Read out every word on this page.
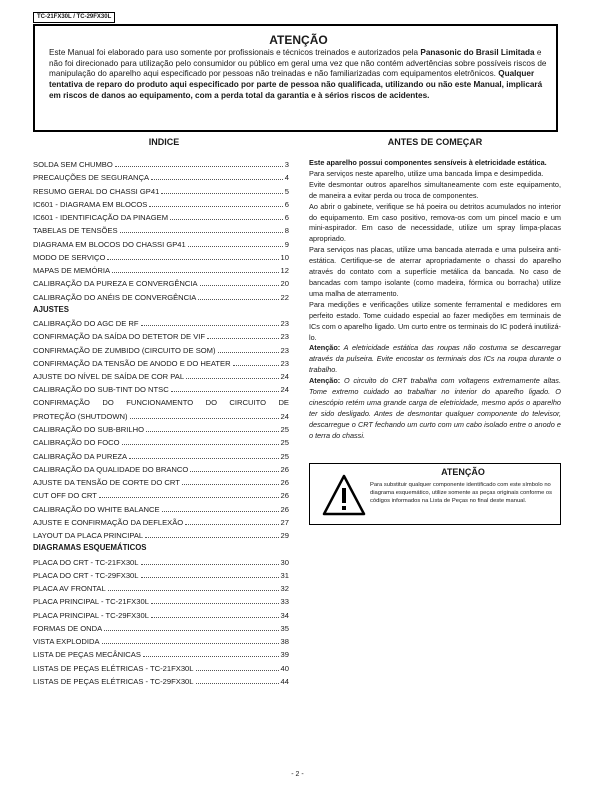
TC-21FX30L / TC-29FX30L
ATENÇÃO

Este Manual foi elaborado para uso somente por profissionais e técnicos treinados e autorizados pela Panasonic do Brasil Limitada e não foi direcionado para utilização pelo consumidor ou público em geral uma vez que não contém advertências sobre possíveis riscos de manipulação do aparelho aqui especificado por pessoas não treinadas e não familiarizadas com equipamentos eletrônicos. Qualquer tentativa de reparo do produto aqui especificado por parte de pessoa não qualificada, utilizando ou não este Manual, implicará em riscos de danos ao equipamento, com a perda total da garantia e à sérios riscos de acidentes.

INDICE
SOLDA SEM CHUMBO	3
PRECAUÇÕES DE SEGURANÇA	4
RESUMO GERAL DO CHASSI GP41	5
IC601 - DIAGRAMA EM BLOCOS	6
IC601 - IDENTIFICAÇÃO DA PINAGEM	6
TABELAS DE TENSÕES	8
DIAGRAMA EM BLOCOS DO CHASSI GP41	9
MODO DE SERVIÇO	10
MAPAS DE MEMÓRIA	12
CALIBRAÇÃO DA PUREZA E CONVERGÊNCIA	20
CALIBRAÇÃO DO ANÉIS DE CONVERGÊNCIA	22
AJUSTES
CALIBRAÇÃO DO AGC DE RF	23
CONFIRMAÇÃO DA SAÍDA DO DETETOR DE VIF	23
CONFIRMAÇÃO DE ZUMBIDO (CIRCUITO DE SOM)	23
CONFIRMAÇÃO DA TENSÃO DE ANODO E DO HEATER	23
AJUSTE DO NÍVEL DE SAÍDA DE COR PAL	24
CALIBRAÇÃO DO SUB-TINT DO NTSC	24
CONFIRMAÇÃO DO FUNCIONAMENTO DO CIRCUITO DE
PROTEÇÃO (SHUTDOWN)	24
CALIBRAÇÃO DO SUB-BRILHO	25
CALIBRAÇÃO DO FOCO	25
CALIBRAÇÃO DA PUREZA	25
CALIBRAÇÃO DA QUALIDADE DO BRANCO	26
AJUSTE DA TENSÃO DE CORTE DO CRT	26
CUT OFF DO CRT	26
CALIBRAÇÃO DO WHITE BALANCE	26
AJUSTE E CONFIRMAÇÃO DA DEFLEXÃO	27
LAYOUT DA PLACA PRINCIPAL	29
DIAGRAMAS ESQUEMÁTICOS
PLACA DO CRT - TC-21FX30L	30
PLACA DO CRT - TC-29FX30L	31
PLACA AV FRONTAL	32
PLACA PRINCIPAL - TC-21FX30L	33
PLACA PRINCIPAL - TC-29FX30L	34
FORMAS DE ONDA	35
VISTA EXPLODIDA	38
LISTA DE PEÇAS MECÂNICAS	39
LISTAS DE PEÇAS ELÉTRICAS - TC-21FX30L	40
LISTAS DE PEÇAS ELÉTRICAS - TC-29FX30L	44
ANTES DE COMEÇAR

Este aparelho possui componentes sensíveis à eletricidade estática.

Para serviços neste aparelho, utilize uma bancada limpa e desimpedida.

Evite desmontar outros aparelhos simultaneamente com este equipamento, de maneira a evitar perda ou troca de componentes.

Ao abrir o gabinete, verifique se há poeira ou detritos acumulados no interior do equipamento. Em caso positivo, remova-os com um pincel macio e um mini-aspirador. Em caso de necessidade, utilize um spray limpa-placas apropriado.

Para serviços nas placas, utilize uma bancada aterrada e uma pulseira anti-estática. Certifique-se de aterrar apropriadamente o chassi do aparelho através do contato com a superfície metálica da bancada. No caso de bancadas com tampo isolante (como madeira, fórmica ou borracha) utilize uma malha de aterramento.

Para medições e verificações utilize somente ferramental e medidores em perfeito estado. Tome cuidado especial ao fazer medições em terminais de ICs com o aparelho ligado. Um curto entre os terminais do IC poderá inutilizá-lo.

Atenção: A eletricidade estática das roupas não costuma se descarregar através da pulseira. Evite encostar os terminais dos ICs na roupa durante o trabalho.

Atenção: O circuito do CRT trabalha com voltagens extremamente altas. Tome extremo cuidado ao trabalhar no interior do aparelho ligado. O cinescópio retém uma grande carga de eletricidade, mesmo após o aparelho ter sido desligado. Antes de desmontar qualquer componente do televisor, descarregue o CRT fechando um curto com um cabo isolado entre o anodo e o terra do chassi.

ATENÇÃO
Para substituir qualquer componente identificado com este símbolo no diagrama esquemático, utilize somente as peças originais conforme os códigos informados na Lista de Peças no final deste manual.
- 2 -
